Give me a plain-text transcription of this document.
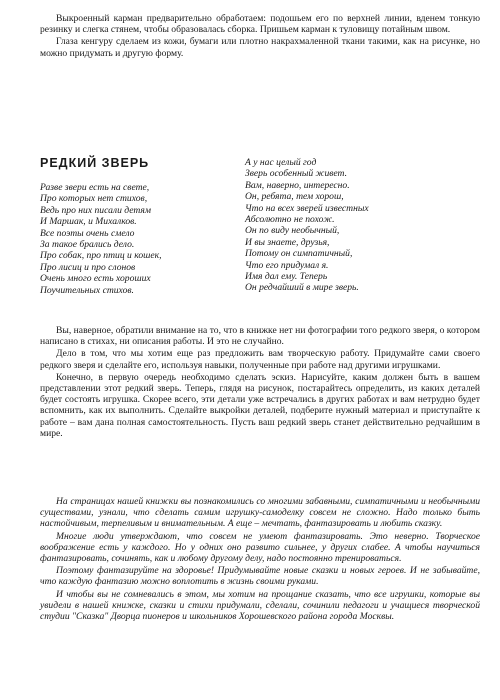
Выкроенный карман предварительно обработаем: подошьем его по верхней линии, вденем тонкую резинку и слегка стянем, чтобы образовалась сборка. Пришьем карман к туловищу потайным швом.

Глаза кенгуру сделаем из кожи, бумаги или плотно накрахмаленной ткани такими, как на рисунке, но можно придумать и другую форму.

РЕДКИЙ ЗВЕРЬ
Разве звери есть на свете,
Про которых нет стихов,
Ведь про них писали детям
И Маршак, и Михалков.
Все поэты очень смело
За такое брались дело.
Про собак, про птиц и кошек,
Про лисиц и про слонов
Очень много есть хороших
Поучительных стихов.
А у нас целый год
Зверь особенный живет.
Вам, наверно, интересно.
Он, ребята, тем хорош,
Что на всех зверей известных
Абсолютно не похож.
Он по виду необычный,
И вы знаете, друзья,
Потому он симпатичный,
Что его придумал я.
Имя дал ему. Теперь
Он редчайший в мире зверь.

Вы, наверное, обратили внимание на то, что в книжке нет ни фотографии того редкого зверя, о котором написано в стихах, ни описания работы. И это не случайно.

Дело в том, что мы хотим еще раз предложить вам творческую работу. Придумайте сами своего редкого зверя и сделайте его, используя навыки, полученные при работе над другими игрушками.

Конечно, в первую очередь необходимо сделать эскиз. Нарисуйте, каким должен быть в вашем представлении этот редкий зверь. Теперь, глядя на рисунок, постарайтесь определить, из каких деталей будет состоять игрушка. Скорее всего, эти детали уже встречались в других работах и вам нетрудно будет вспомнить, как их выполнить. Сделайте выкройки деталей, подберите нужный материал и приступайте к работе – вам дана полная самостоятельность. Пусть ваш редкий зверь станет действительно редчайшим в мире.

На страницах нашей книжки вы познакомились со многими забавными, симпатичными и необычными существами, узнали, что сделать самим игрушку-самоделку совсем не сложно. Надо только быть настойчивым, терпеливым и внимательным. А еще – мечтать, фантазировать и любить сказку.

Многие люди утверждают, что совсем не умеют фантазировать. Это неверно. Творческое воображение есть у каждого. Но у одних оно развито сильнее, у других слабее. А чтобы научиться фантазировать, сочинять, как и любому другому делу, надо постоянно тренироваться.

Поэтому фантазируйте на здоровье! Придумывайте новые сказки и новых героев. И не забывайте, что каждую фантазию можно воплотить в жизнь своими руками.

И чтобы вы не сомневались в этом, мы хотим на прощание сказать, что все игрушки, которые вы увидели в нашей книжке, сказки и стихи придумали, сделали, сочинили педагоги и учащиеся творческой студии "Сказка" Дворца пионеров и школьников Хорошевского района города Москвы.
